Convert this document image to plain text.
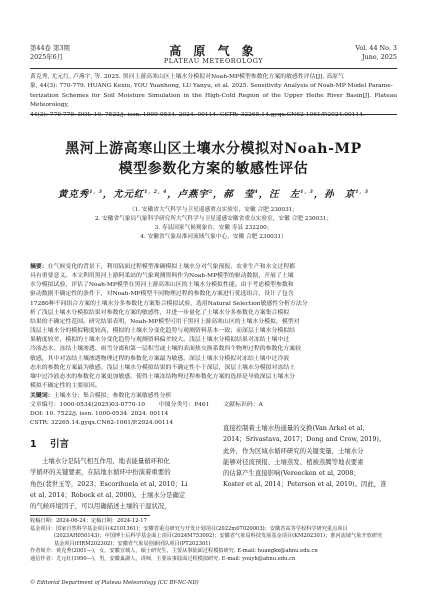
第44卷 第3期
2025年6月	高 原 气 象
PLATEAU METEOROLOGY
Vol. 44 No. 3
June, 2025
黄克秀, 尤元红, 卢燕宇, 等. 2025. 黑河上游高寒山区土壤水分模拟对Noah-MP模型参数化方案的敏感性评估[J]. 高原气
象, 44(3): 770-779. HUANG Kexiu, YOU Yuanhong, LU Yanyu, et al. 2025. Sensitivity Analysis of Noah-MP Model Parame-
terization Schemes for Soil Moisture Simulation in the High-Cold Region of the Upper Heihe River Basin[J]. Plateau Meteorology,
44(3): 770-779. DOI: 10. 7522/j. issn. 1000-0534. 2024. 00114. CSTR: 32265.14.gyqx.CN62-1061/P.2024.00114.
黑河上游高寒山区土壤水分模拟对Noah-MP
模型参数化方案的敏感性评估
黄克秀$^{1, 3}$，尤元红$^{1, 2, 4}$，卢燕宇$^2$，郝　莹$^4$，汪　左$^{1, 3}$，孙　京$^{1, 3}$
（1. 安徽省大气科学与卫星遥感重点实验室，安徽 合肥 230031；
2. 安徽省气象局气象科学研究所大气科学与卫星遥感安徽省重点实验室，安徽 合肥 230031；
3. 寿县国家气候观象台，安徽 寿县 232200；
4. 安徽省气象局淮河流域气象中心，安徽 合肥 230031）
摘要：在气候变化的背景下，利用陆面过程模型准确模拟土壤水分对气象预报、农业生产和水文过程都
具有重要意义。本文利用黑河上游阿柔站的气象观测资料作为Noah-MP模型的驱动数据，开展了土壤
水分模拟试验，评估了Noah-MP模型在黑河上游高寒山区的土壤水分模拟性能。由于考虑模型参数和
驱动数据不确定性的条件下，对Noah-MP模型不同物理过程的参数化方案进行优选组合，设计了包含
17280种不同组合方案的土壤水分多参数化方案集合模拟试验，选用Natural Selection敏感性分析方法分
析了浅层土壤水分模拟结果对参数化方案的敏感性，并进一步量化了土壤水分多参数化方案集合模拟
结果的不确定性范围。研究结果表明，Noah-MP模型可用于黑河上游高寒山区的土壤水分模拟，模型对
浅层土壤水分的模拟精度较高，模拟的土壤水分变化趋势与观测资料基本一致；而深层土壤水分模拟结
果精度较差，模拟的土壤水分变化趋势与观测资料偏差较大。浅层土壤水分模拟结果对冻结土壤中过
冷液态水、冻结土壤渗透、雨雪分离和第一层积雪或土壤的表面热交换系数四个物理过程的参数化方案较
敏感，其中对冻结土壤渗透物理过程的参数化方案最为敏感。深层土壤水分模拟对冻结土壤中过冷液
态水的参数化方案最为敏感。浅层土壤水分模拟结果的不确定性小于深层，深层土壤水分模拟对冻结土
壤中过冷液态水的参数化方案更加敏感，使得土壤冻结物理过程参数化方案的选择是导致深层土壤水分
模拟不确定性的主要原因。
关键词：土壤水分；集合模拟；参数化方案敏感性分析
文章编号：1000-0534(2025)03-0770-10 中图分类号：P461 文献标识码：A
DOI: 10. 7522/j. issn. 1000-0534. 2024. 00114
CSTR: 32265.14.gyqx.CN62-1061/P.2024.00114
1 引言
土壤水分是陆气相互作用、地表能量循环和化
学循环的关键要素，在陆地水循环中扮演着重要的
角色(裴世玉等，2023；Escorihuela et al, 2010；Li
et al, 2014；Robock et al, 2000)。土壤水分是确定
的气候环境因子，可以用确描述土壤的干湿状况，
直接控制着土壤水热通量的交换(Van Arkel et al,
2014；Srivastava, 2017；Dong and Crow, 2019)。
此外，作为区域水循环研究的关键变量，土壤水分
能够对径流预报、土壤蒸发、植被蒸腾等地表要素
的估算产生直接影响(Vereecken et al, 2008；
Koster et al, 2014；Peterson et al, 2019)。因此，准
收稿日期：2024-06-24；定稿日期：2024-12-17
基金项目：国家自然科学基金项目(42101361)；安徽省重点研究与开发计划项目(2022m07020003)；安徽省高等学校科学研究重点项目
(2023AH050143)；中国博士后科学基金面上项目(2024M753092)；安徽省气象局科技发展基金项目(KM202301)；淮河流域气象开放研究
基金项目(HRM202302)；安徽省气象局创新团队项目(PT202301)
作者简介：黄克秀(2001—)，女，安徽宣城人，硕士研究生，主要从事陆面过程模拟研究. E-mail: huangkx@ahnu.edu.cn
通信作者：尤元红(1990—)，男，安徽巢湖人，讲师，主要从事陆面过程模拟研究. E-mail: youyh@ahnu.edu.cn
© Editorial Department of Plateau Meteorology (CC BY-NC-ND)
